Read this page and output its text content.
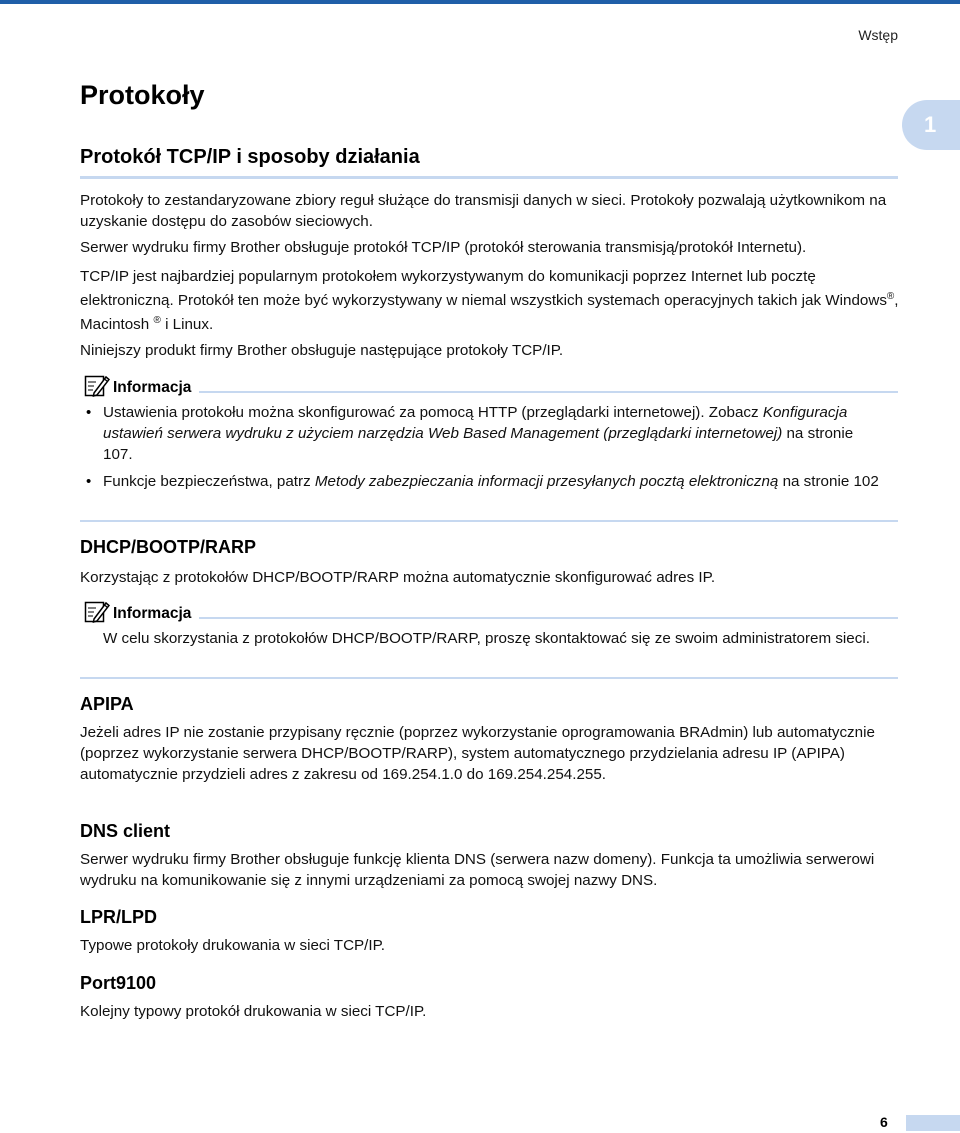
Wstęp
1
Protokoły
Protokół TCP/IP i sposoby działania

Protokoły to zestandaryzowane zbiory reguł służące do transmisji danych w sieci. Protokoły pozwalają użytkownikom na uzyskanie dostępu do zasobów sieciowych.

Serwer wydruku firmy Brother obsługuje protokół TCP/IP (protokół sterowania transmisją/protokół Internetu).

TCP/IP jest najbardziej popularnym protokołem wykorzystywanym do komunikacji poprzez Internet lub pocztę elektroniczną. Protokół ten może być wykorzystywany w niemal wszystkich systemach operacyjnych takich jak Windows®, Macintosh ® i Linux.

Niniejszy produkt firmy Brother obsługuje następujące protokoły TCP/IP.

Informacja
• Ustawienia protokołu można skonfigurować za pomocą HTTP (przeglądarki internetowej). Zobacz Konfiguracja ustawień serwera wydruku z użyciem narzędzia Web Based Management (przeglądarki internetowej) na stronie 107.

• Funkcje bezpieczeństwa, patrz Metody zabezpieczania informacji przesyłanych pocztą elektroniczną na stronie 102

DHCP/BOOTP/RARP

Korzystając z protokołów DHCP/BOOTP/RARP można automatycznie skonfigurować adres IP.

Informacja

W celu skorzystania z protokołów DHCP/BOOTP/RARP, proszę skontaktować się ze swoim administratorem sieci.

APIPA

Jeżeli adres IP nie zostanie przypisany ręcznie (poprzez wykorzystanie oprogramowania BRAdmin) lub automatycznie (poprzez wykorzystanie serwera DHCP/BOOTP/RARP), system automatycznego przydzielania adresu IP (APIPA) automatycznie przydzieli adres z zakresu od 169.254.1.0 do 169.254.254.255.

DNS client

Serwer wydruku firmy Brother obsługuje funkcję klienta DNS (serwera nazw domeny). Funkcja ta umożliwia serwerowi wydruku na komunikowanie się z innymi urządzeniami za pomocą swojej nazwy DNS.

LPR/LPD

Typowe protokoły drukowania w sieci TCP/IP.

Port9100

Kolejny typowy protokół drukowania w sieci TCP/IP.

6
